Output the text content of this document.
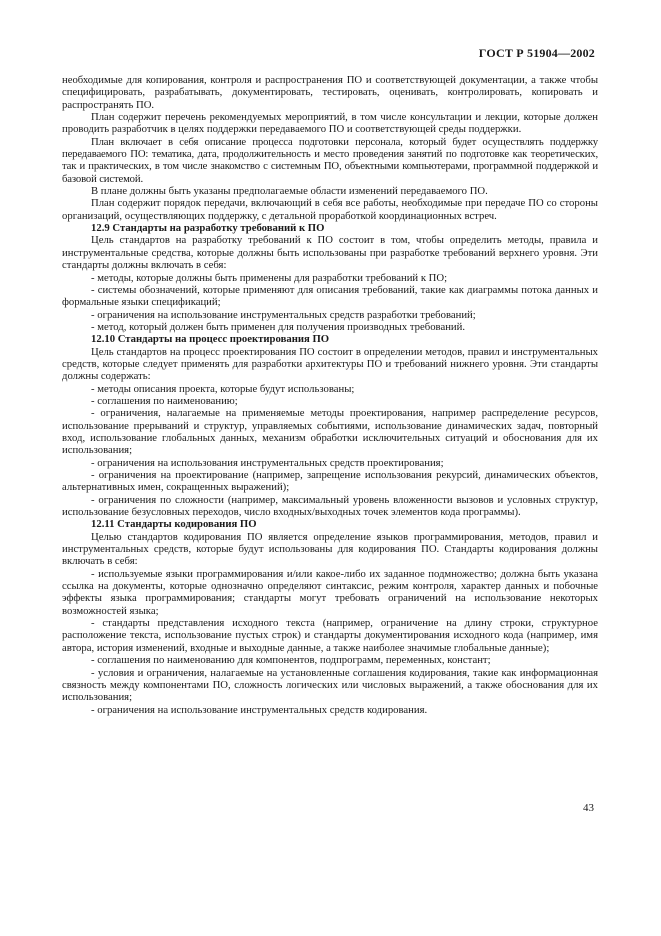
ГОСТ Р 51904—2002

необходимые для копирования, контроля и распространения ПО и соответствующей документации, а также чтобы специфицировать, разрабатывать, документировать, тестировать, оценивать, контролировать, копировать и распространять ПО.

План содержит перечень рекомендуемых мероприятий, в том числе консультации и лекции, которые должен проводить разработчик в целях поддержки передаваемого ПО и соответствующей среды поддержки.

План включает в себя описание процесса подготовки персонала, который будет осуществлять поддержку передаваемого ПО: тематика, дата, продолжительность и место проведения занятий по подготовке как теоретических, так и практических, в том числе знакомство с системным ПО, объектными компьютерами, программной поддержкой и базовой системой.

В плане должны быть указаны предполагаемые области изменений передаваемого ПО.

План содержит порядок передачи, включающий в себя все работы, необходимые при передаче ПО со стороны организаций, осуществляющих поддержку, с детальной проработкой координационных встреч.

12.9 Стандарты на разработку требований к ПО

Цель стандартов на разработку требований к ПО состоит в том, чтобы определить методы, правила и инструментальные средства, которые должны быть использованы при разработке требований верхнего уровня. Эти стандарты должны включать в себя:

- методы, которые должны быть применены для разработки требований к ПО;

- системы обозначений, которые применяют для описания требований, такие как диаграммы потока данных и формальные языки спецификаций;

- ограничения на использование инструментальных средств разработки требований;

- метод, который должен быть применен для получения производных требований.

12.10 Стандарты на процесс проектирования ПО

Цель стандартов на процесс проектирования ПО состоит в определении методов, правил и инструментальных средств, которые следует применять для разработки архитектуры ПО и требований нижнего уровня. Эти стандарты должны содержать:

- методы описания проекта, которые будут использованы;

- соглашения по наименованию;

- ограничения, налагаемые на применяемые методы проектирования, например распределение ресурсов, использование прерываний и структур, управляемых событиями, использование динамических задач, повторный вход, использование глобальных данных, механизм обработки исключительных ситуаций и обоснования для их использования;

- ограничения на использования инструментальных средств проектирования;

- ограничения на проектирование (например, запрещение использования рекурсий, динамических объектов, альтернативных имен, сокращенных выражений);

- ограничения по сложности (например, максимальный уровень вложенности вызовов и условных структур, использование безусловных переходов, число входных/выходных точек элементов кода программы).

12.11 Стандарты кодирования ПО

Целью стандартов кодирования ПО является определение языков программирования, методов, правил и инструментальных средств, которые будут использованы для кодирования ПО. Стандарты кодирования должны включать в себя:

- используемые языки программирования и/или какое-либо их заданное подмножество; должна быть указана ссылка на документы, которые однозначно определяют синтаксис, режим контроля, характер данных и побочные эффекты языка программирования; стандарты могут требовать ограничений на использование некоторых возможностей языка;

- стандарты представления исходного текста (например, ограничение на длину строки, структурное расположение текста, использование пустых строк) и стандарты документирования исходного кода (например, имя автора, история изменений, входные и выходные данные, а также наиболее значимые глобальные данные);

- соглашения по наименованию для компонентов, подпрограмм, переменных, констант;

- условия и ограничения, налагаемые на установленные соглашения кодирования, такие как информационная связность между компонентами ПО, сложность логических или числовых выражений, а также обоснования для их использования;

- ограничения на использование инструментальных средств кодирования.

43
